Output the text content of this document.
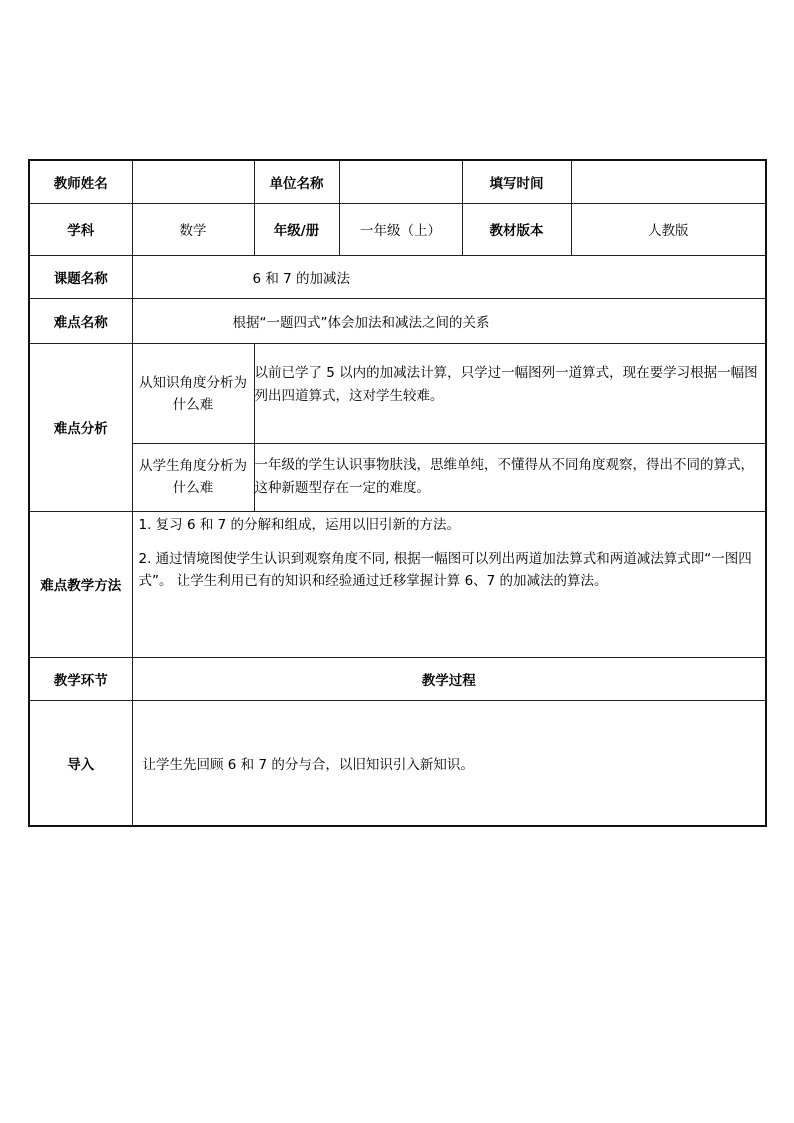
教师姓名		单位名称		填写时间	
学科	数学	年级/册	一年级（上）	教材版本	人教版
课题名称	6 和 7 的加减法				
难点名称	根据“一题四式”体会加法和减法之间的关系				
难点分析	从知识角度分析为什么难	以前已学了 5 以内的加减法计算，只学过一幅图列一道算式，现在要学习根据一幅图列出四道算式，这对学生较难。			
	从学生角度分析为什么难	一年级的学生认识事物肤浅，思维单纯，不懂得从不同角度观察，得出不同的算式，这种新题型存在一定的难度。			
难点教学方法	1. 复习 6 和 7 的分解和组成，运用以旧引新的方法。

2. 通过情境图使学生认识到观察角度不同, 根据一幅图可以列出两道加法算式和两道减法算式即“一图四式”。 让学生利用已有的知识和经验通过迁移掌握计算 6、7 的加减法的算法。				

教学环节	教学过程				
导入	让学生先回顾 6 和 7 的分与合，以旧知识引入新知识。				
